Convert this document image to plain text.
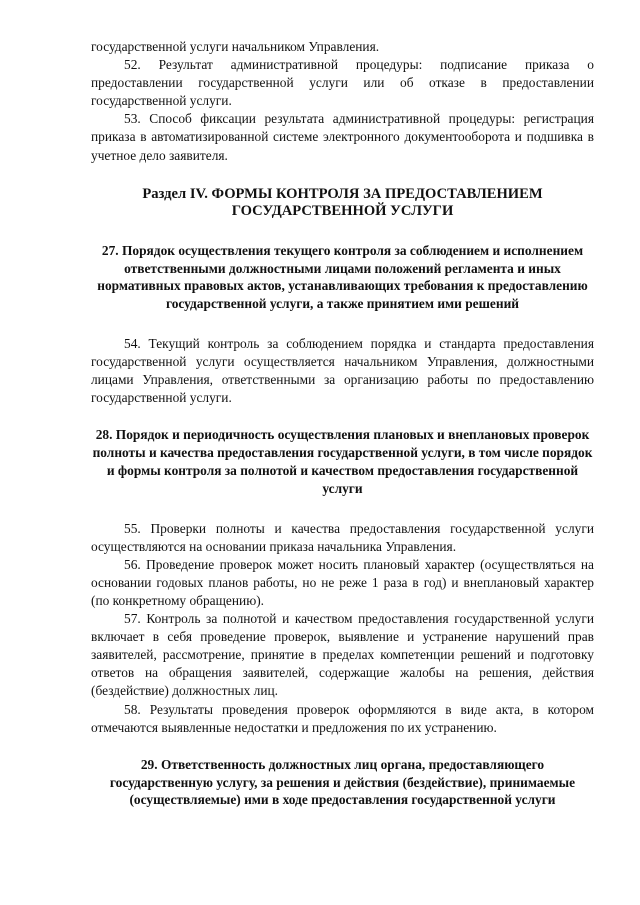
государственной услуги начальником Управления.

52. Результат административной процедуры: подписание приказа о предоставлении государственной услуги или об отказе в предоставлении государственной услуги.

53. Способ фиксации результата административной процедуры: регистрация приказа в автоматизированной системе электронного документооборота и подшивка в учетное дело заявителя.

Раздел IV. ФОРМЫ КОНТРОЛЯ ЗА ПРЕДОСТАВЛЕНИЕМ ГОСУДАРСТВЕННОЙ УСЛУГИ
27. Порядок осуществления текущего контроля за соблюдением и исполнением ответственными должностными лицами положений регламента и иных нормативных правовых актов, устанавливающих требования к предоставлению государственной услуги, а также принятием ими решений

54. Текущий контроль за соблюдением порядка и стандарта предоставления государственной услуги осуществляется начальником Управления, должностными лицами Управления, ответственными за организацию работы по предоставлению государственной услуги.

28. Порядок и периодичность осуществления плановых и внеплановых проверок полноты и качества предоставления государственной услуги, в том числе порядок и формы контроля за полнотой и качеством предоставления государственной услуги

55. Проверки полноты и качества предоставления государственной услуги осуществляются на основании приказа начальника Управления.

56. Проведение проверок может носить плановый характер (осуществляться на основании годовых планов работы, но не реже 1 раза в год) и внеплановый характер (по конкретному обращению).

57. Контроль за полнотой и качеством предоставления государственной услуги включает в себя проведение проверок, выявление и устранение нарушений прав заявителей, рассмотрение, принятие в пределах компетенции решений и подготовку ответов на обращения заявителей, содержащие жалобы на решения, действия (бездействие) должностных лиц.

58. Результаты проведения проверок оформляются в виде акта, в котором отмечаются выявленные недостатки и предложения по их устранению.

29. Ответственность должностных лиц органа, предоставляющего государственную услугу, за решения и действия (бездействие), принимаемые (осуществляемые) ими в ходе предоставления государственной услуги
